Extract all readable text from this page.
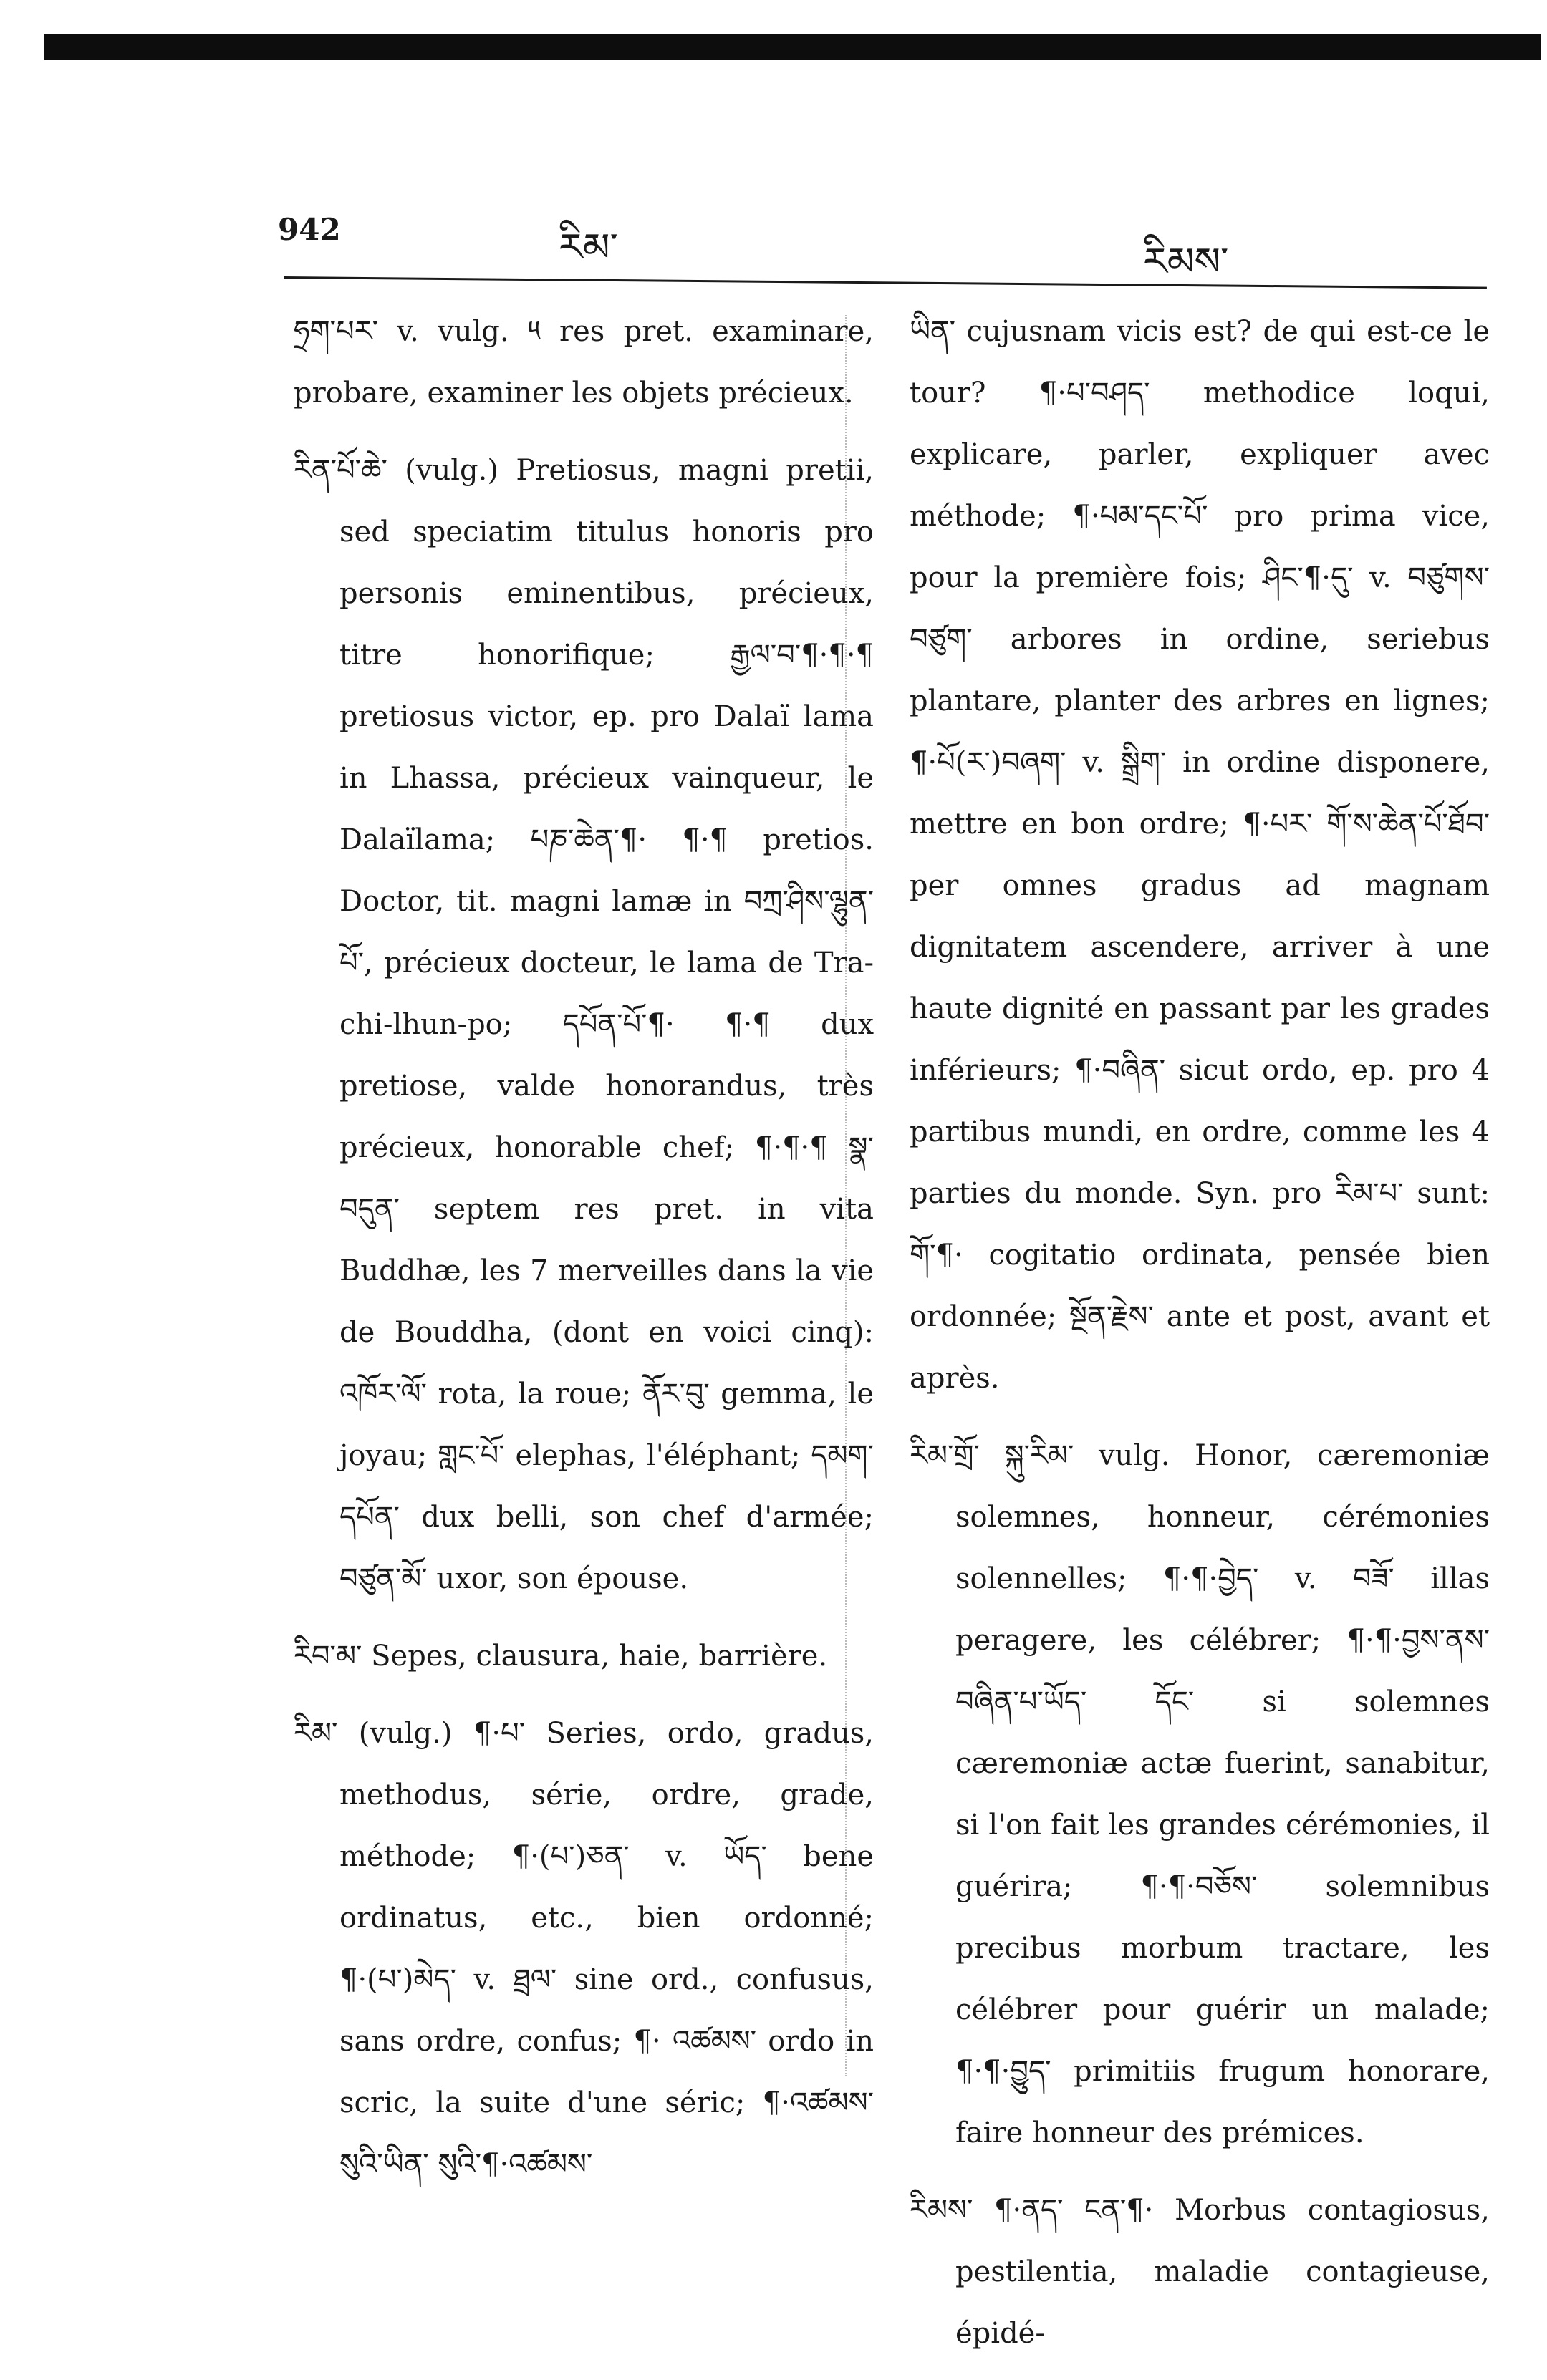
942	རིམ་	རིམས་

ཧྲག་པར་ v. vulg. ༥ res pret. examinare, probare, examiner les objets précieux.

རིན་པོ་ཆེ་ (vulg.) Pretiosus, magni pretii, sed speciatim titulus honoris pro personis eminentibus, précieux, titre honorifique; རྒྱལ་བ་¶·¶·¶ pretiosus victor, ep. pro Dalaï lama in Lhassa, précieux vainqueur, le Dalaïlama; པཎ་ཆེན་¶· ¶·¶ pretios. Doctor, tit. magni lamæ in བཀྲ་ཤིས་ལྷུན་པོ་, précieux docteur, le lama de Tra-chi-lhun-po; དཔོན་པོ་¶· ¶·¶ dux pretiose, valde honorandus, très précieux, honorable chef; ¶·¶·¶ སྣ་བདུན་ septem res pret. in vita Buddhæ, les 7 merveilles dans la vie de Bouddha, (dont en voici cinq): འཁོར་ལོ་ rota, la roue; ནོར་བུ་ gemma, le joyau; གླང་པོ་ elephas, l'éléphant; དམག་དཔོན་ dux belli, son chef d'armée; བཙུན་མོ་ uxor, son épouse.

རིབ་མ་ Sepes, clausura, haie, barrière.

རིམ་ (vulg.) ¶·པ་ Series, ordo, gradus, methodus, série, ordre, grade, méthode; ¶·(པ་)ཅན་ v. ཡོད་ bene ordinatus, etc., bien ordonné; ¶·(པ་)མེད་ v. ཐྲལ་ sine ord., confusus, sans ordre, confus; ¶· འཚམས་ ordo in scric, la suite d'une séric; ¶·འཚམས་སུའི་ཡིན་ སུའི་¶·འཚམས་

ཡིན་ cujusnam vicis est? de qui est-ce le tour? ¶·པ་བཤད་ methodice loqui, explicare, parler, expliquer avec méthode; ¶·པམ་དང་པོ་ pro prima vice, pour la première fois; ཤིང་¶·དུ་ v. བཙུགས་ བཙུག་ arbores in ordine, seriebus plantare, planter des arbres en lignes; ¶·པོ(ར་)བཞག་ v. སྒྲིག་ in ordine disponere, mettre en bon ordre; ¶·པར་ གོ་ས་ཆེན་པོ་ཐོབ་ per omnes gradus ad magnam dignitatem ascendere, arriver à une haute dignité en passant par les grades inférieurs; ¶·བཞིན་ sicut ordo, ep. pro 4 partibus mundi, en ordre, comme les 4 parties du monde. Syn. pro རིམ་པ་ sunt: གོ་¶· cogitatio ordinata, pensée bien ordonnée; སྔོན་རྗེས་ ante et post, avant et après.

རིམ་གྲོ་ སྐུ་རིམ་ vulg. Honor, cæremoniæ solemnes, honneur, cérémonies solennelles; ¶·¶·བྱེད་ v. བཟོ་ illas peragere, les célébrer; ¶·¶·བྱས་ནས་བཞིན་པ་ཡོད་ དོང་ si solemnes cæremoniæ actæ fuerint, sanabitur, si l'on fait les grandes cérémonies, il guérira; ¶·¶·བཅོས་ solemnibus precibus morbum tractare, les célébrer pour guérir un malade; ¶·¶·བྱུད་ primitiis frugum honorare, faire honneur des prémices.

རིམས་ ¶·ནད་ ངན་¶· Morbus contagiosus, pestilentia, maladie contagieuse, épidé-
